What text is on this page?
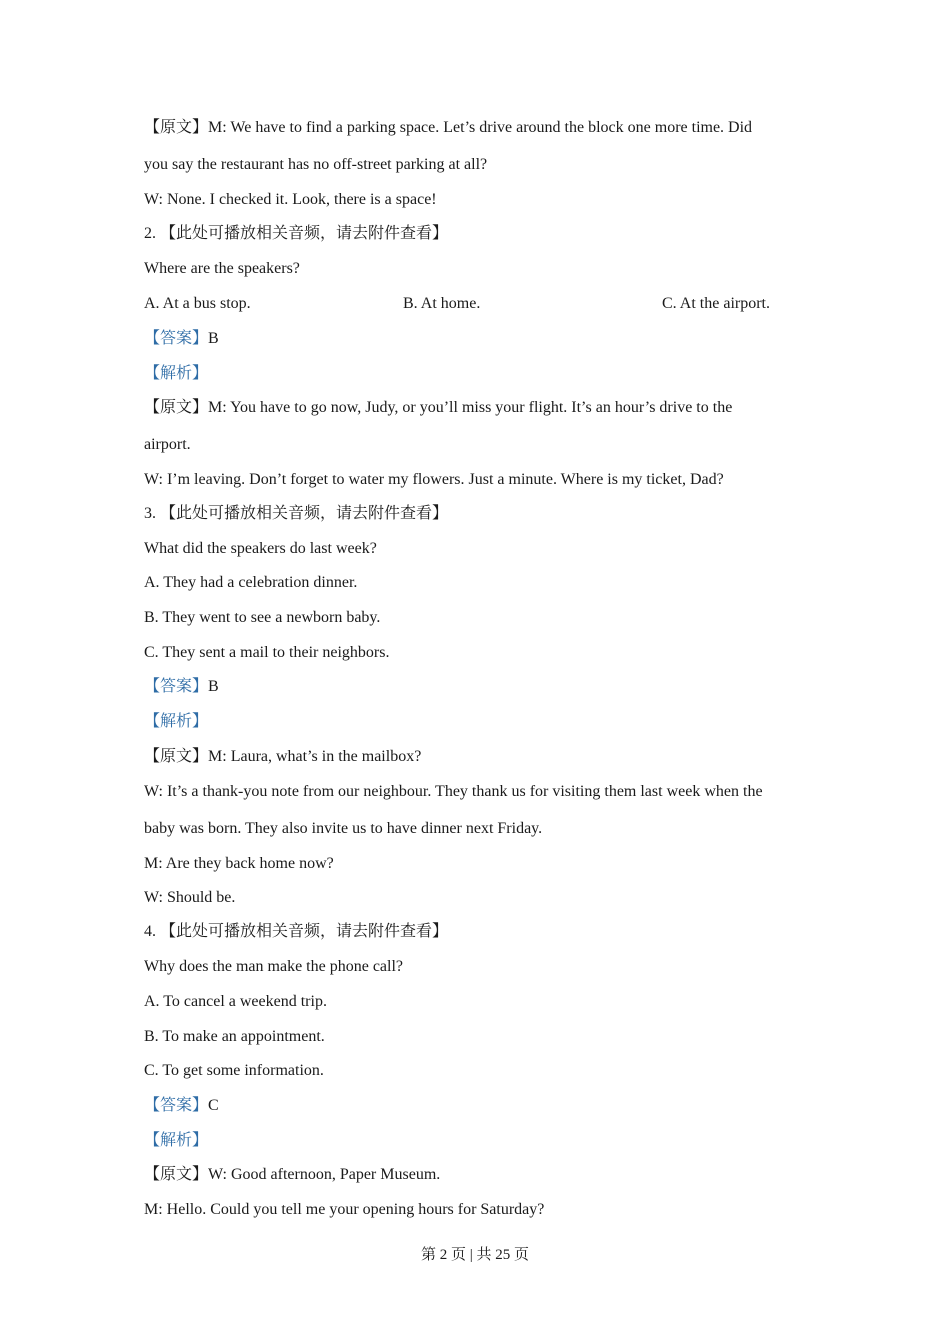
【原文】M: We have to find a parking space. Let’s drive around the block one more time. Did
you say the restaurant has no off-street parking at all?
W: None. I checked it. Look, there is a space!
2. 【此处可播放相关音频，请去附件查看】
Where are the speakers?
A. At a bus stop.	B. At home.	C. At the airport.
【答案】B
【解析】
【原文】M: You have to go now, Judy, or you’ll miss your flight. It’s an hour’s drive to the
airport.
W: I’m leaving. Don’t forget to water my flowers. Just a minute. Where is my ticket, Dad?
3. 【此处可播放相关音频，请去附件查看】
What did the speakers do last week?
A. They had a celebration dinner.
B. They went to see a newborn baby.
C. They sent a mail to their neighbors.
【答案】B
【解析】
【原文】M: Laura, what’s in the mailbox?
W: It’s a thank-you note from our neighbour. They thank us for visiting them last week when the
baby was born. They also invite us to have dinner next Friday.
M: Are they back home now?
W: Should be.
4. 【此处可播放相关音频，请去附件查看】
Why does the man make the phone call?
A. To cancel a weekend trip.
B. To make an appointment.
C. To get some information.
【答案】C
【解析】
【原文】W: Good afternoon, Paper Museum.
M: Hello. Could you tell me your opening hours for Saturday?
第 2 页 | 共 25 页
